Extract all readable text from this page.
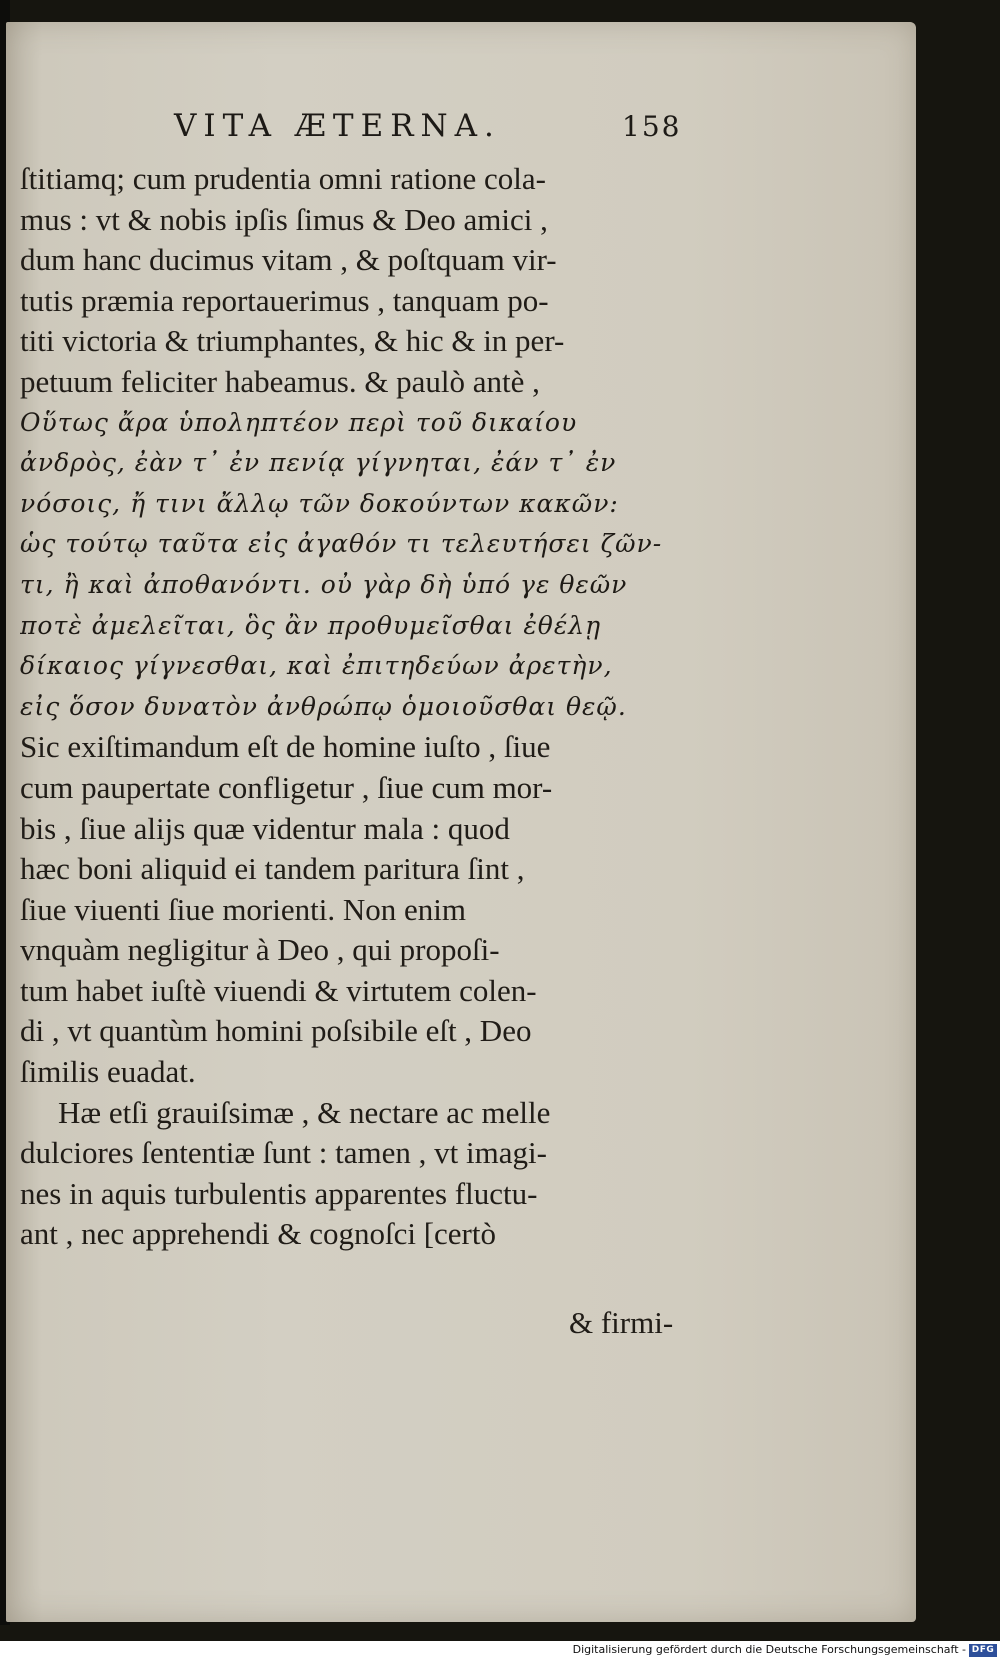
VITA ÆTERNA.	158
ſtitiamq; cum prudentia omni ratione cola-
mus : vt & nobis ipſis ſimus & Deo amici ,
dum hanc ducimus vitam , & poſtquam vir-
tutis præmia reportauerimus , tanquam po-
titi victoria & triumphantes, & hic & in per-
petuum feliciter habeamus. & paulò antè ,
Οὕτως ἄρα ὑποληπτέον περὶ τοῦ δικαίου
ἀνδρὸς, ἐὰν τ᾽ ἐν πενίᾳ γίγνηται, ἐάν τ᾽ ἐν
νόσοις, ἤ τινι ἄλλῳ τῶν δοκούντων κακῶν:
ὡς τούτῳ ταῦτα εἰς ἀγαθόν τι τελευτήσει ζῶν-
τι, ἢ καὶ ἀποθανόντι. οὐ γὰρ δὴ ὑπό γε θεῶν
ποτὲ ἀμελεῖται, ὃς ἂν προθυμεῖσθαι ἐθέλῃ
δίκαιος γίγνεσθαι, καὶ ἐπιτηδεύων ἀρετὴν,
εἰς ὅσον δυνατὸν ἀνθρώπῳ ὁμοιοῦσθαι θεῷ.
Sic exiſtimandum eſt de homine iuſto , ſiue
cum paupertate confligetur , ſiue cum mor-
bis , ſiue alijs quæ videntur mala : quod
hæc boni aliquid ei tandem paritura ſint ,
ſiue viuenti ſiue morienti. Non enim
vnquàm negligitur à Deo , qui propoſi-
tum habet iuſtè viuendi & virtutem colen-
di , vt quantùm homini poſsibile eſt , Deo
ſimilis euadat.
Hæ etſi grauiſsimæ , & nectare ac melle
dulciores ſententiæ ſunt : tamen , vt imagi-
nes in aquis turbulentis apparentes fluctu-
ant , nec apprehendi & cognoſci [certò
& firmi-
Digitalisierung gefördert durch die Deutsche Forschungsgemeinschaft - DFG
